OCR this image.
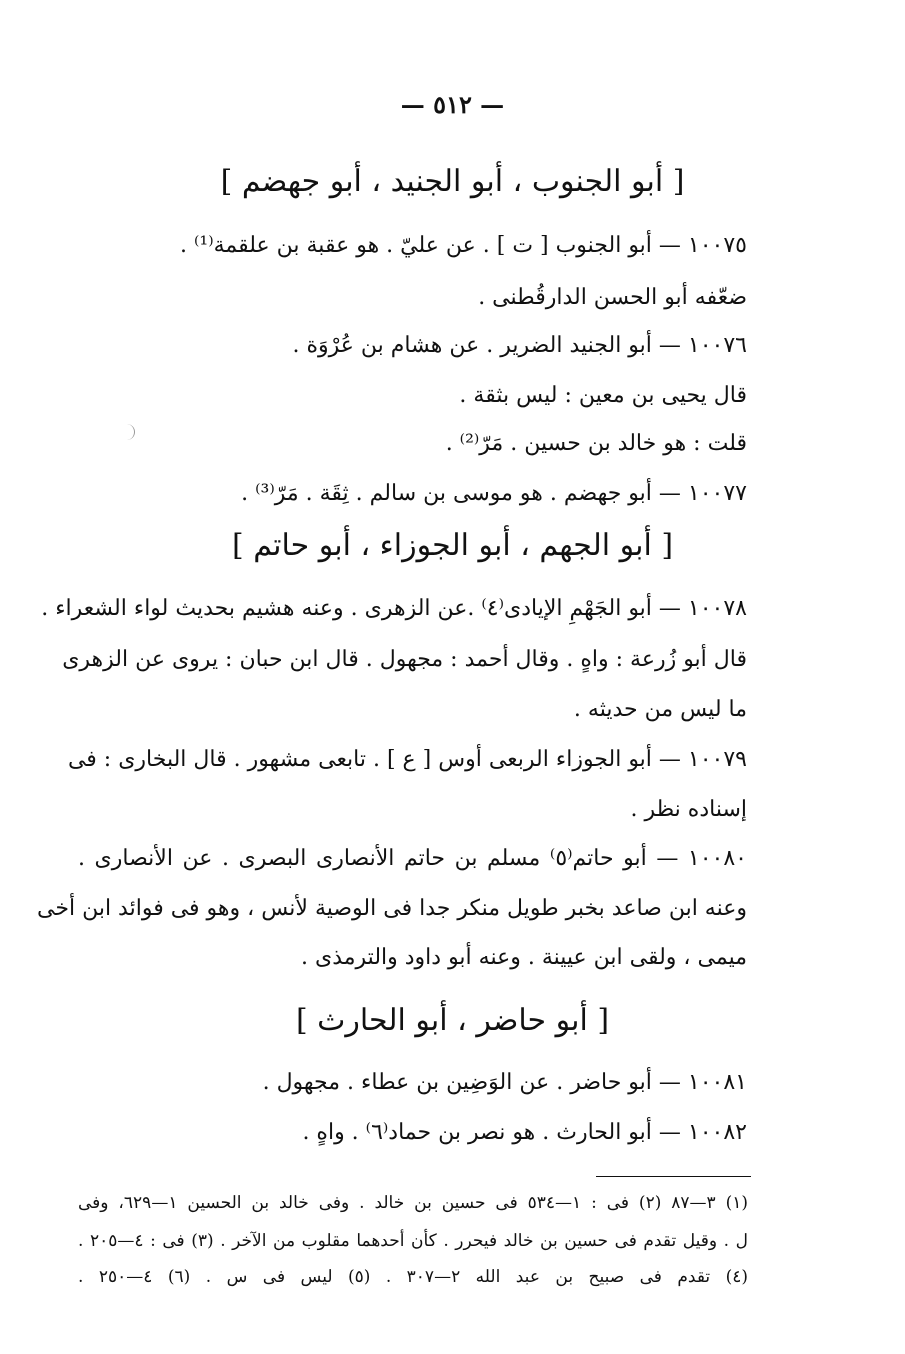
— ٥١٢ —
[ أبو الجنوب ، أبو الجنيد ، أبو جهضم ]
١٠٠٧٥ — أبو الجنوب [ ت ] . عن عليّ . هو عقبة بن علقمة⁽¹⁾ .
ضعّفه أبو الحسن الدارقُطنى .
١٠٠٧٦ — أبو الجنيد الضرير . عن هشام بن عُرْوَة .
قال يحيى بن معين : ليس بثقة .
قلت : هو خالد بن حسين . مَرّ⁽²⁾ .
١٠٠٧٧ — أبو جهضم . هو موسى بن سالم . ثِقَة . مَرّ⁽³⁾ .
[ أبو الجهم ، أبو الجوزاء ، أبو حاتم ]
١٠٠٧٨ — أبو الجَهْمِ الإيادى⁽٤⁾ .عن الزهرى . وعنه هشيم بحديث لواء الشعراء .
قال أبو زُرعة : واهٍ . وقال أحمد : مجهول . قال ابن حبان : يروى عن الزهرى
ما ليس من حديثه .
١٠٠٧٩ — أبو الجوزاء الربعى أوس [ ع ] . تابعى مشهور . قال البخارى : فى
إسناده نظر .
١٠٠٨٠ — أبو حاتم⁽٥⁾ مسلم بن حاتم الأنصارى البصرى . عن الأنصارى .
وعنه ابن صاعد بخبر طويل منكر جدا فى الوصية لأنس ، وهو فى فوائد ابن أخى
ميمى ، ولقى ابن عيينة . وعنه أبو داود والترمذى .
[ أبو حاضر ، أبو الحارث ]
١٠٠٨١ — أبو حاضر . عن الوَضِين بن عطاء . مجهول .
١٠٠٨٢ — أبو الحارث . هو نصر بن حماد⁽٦⁾ . واهٍ .
(١) ٣—٨٧ (٢) فى : ١—٥٣٤ فى حسين بن خالد . وفى خالد بن الحسين ١—٦٢٩، وفى
ل . وقيل تقدم فى حسين بن خالد فيحرر . كأن أحدهما مقلوب من الآخر . (٣) فى : ٤—٢٠٥ .
(٤) تقدم فى صبيح بن عبد الله ٢—٣٠٧ . (٥) ليس فى س . (٦) ٤—٢٥٠ .
